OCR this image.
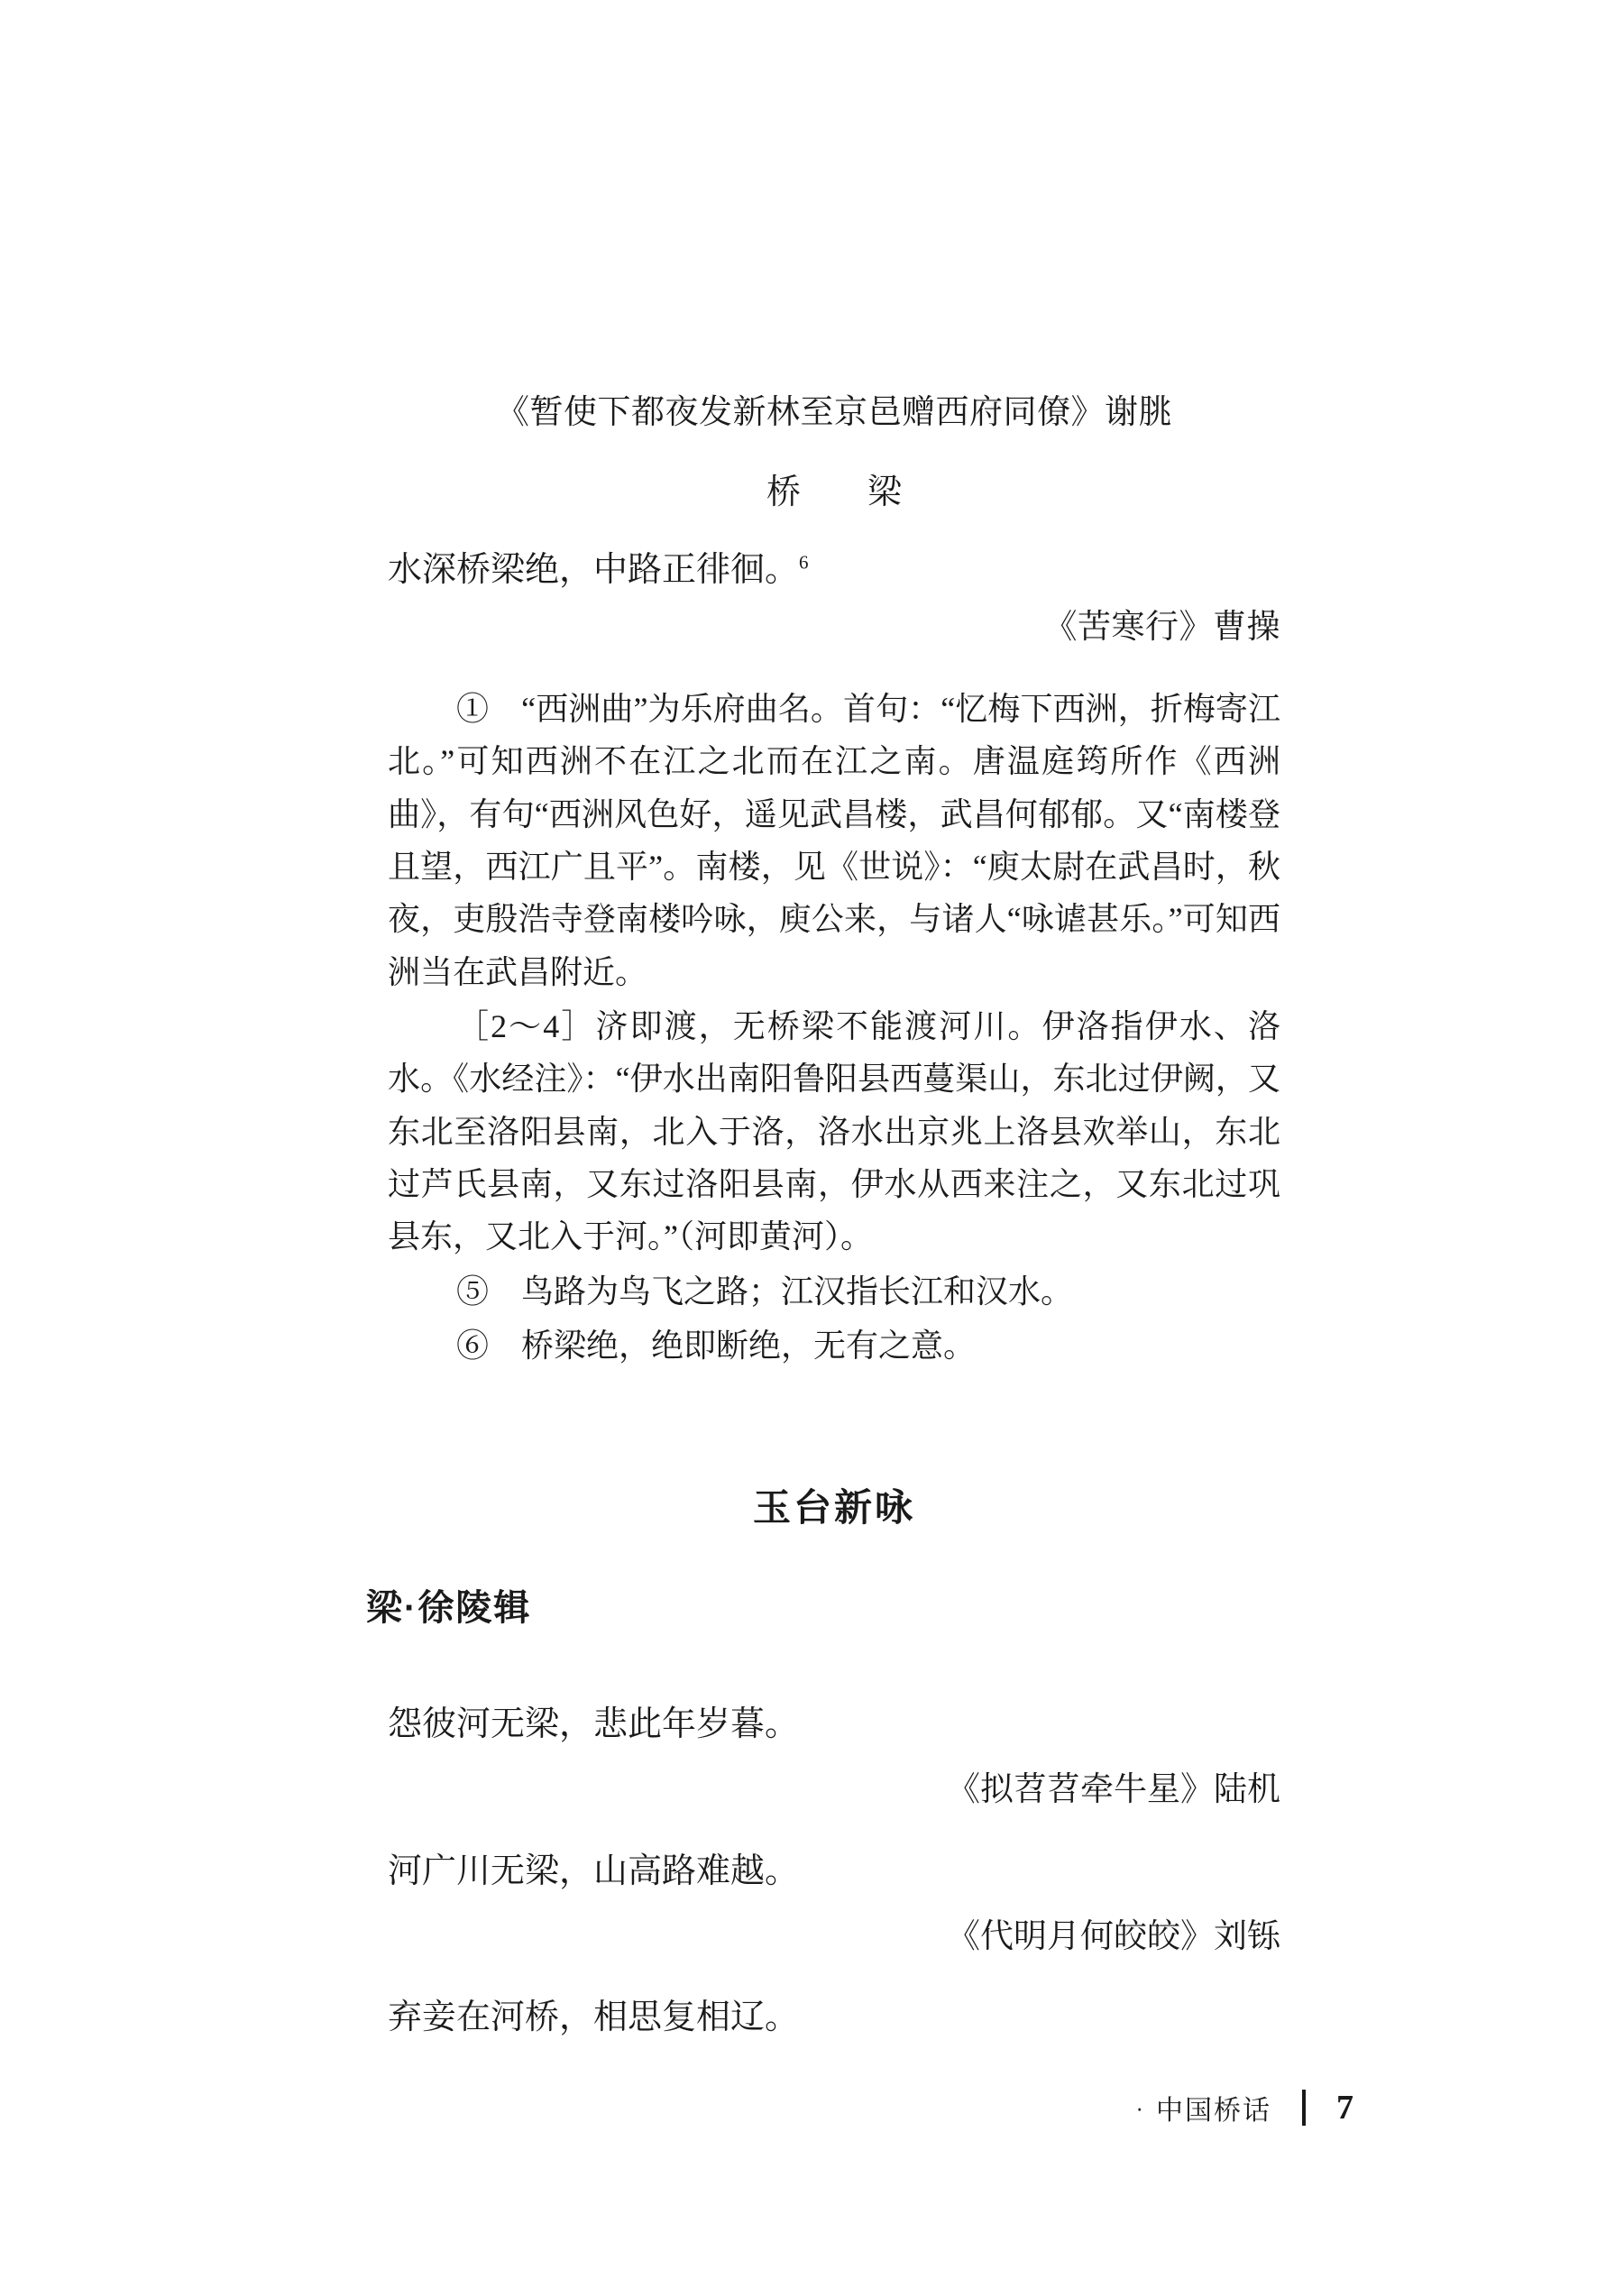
《暂使下都夜发新林至京邑赠西府同僚》谢朓
桥　梁
水深桥梁绝，中路正徘徊。$^6$
《苦寒行》曹操
①　“西洲曲”为乐府曲名。首句：“忆梅下西洲，折梅寄江北。”可知西洲不在江之北而在江之南。唐温庭筠所作《西洲曲》，有句“西洲风色好，遥见武昌楼，武昌何郁郁。又“南楼登且望，西江广且平”。南楼，见《世说》：“庾太尉在武昌时，秋夜，吏殷浩寺登南楼吟咏，庾公来，与诸人“咏谑甚乐。”可知西洲当在武昌附近。
［2～4］济即渡，无桥梁不能渡河川。伊洛指伊水、洛水。《水经注》：“伊水出南阳鲁阳县西蔓渠山，东北过伊阙，又东北至洛阳县南，北入于洛，洛水出京兆上洛县欢举山，东北过芦氏县南，又东过洛阳县南，伊水从西来注之，又东北过巩县东，又北入于河。”（河即黄河）。
⑤　鸟路为鸟飞之路；江汉指长江和汉水。
⑥　桥梁绝，绝即断绝，无有之意。
玉台新咏
梁·徐陵辑
怨彼河无梁，悲此年岁暮。
《拟苕苕牵牛星》陆机
河广川无梁，山高路难越。
《代明月何皎皎》刘铄
弃妾在河桥，相思复相辽。
· 中国桥话 7
